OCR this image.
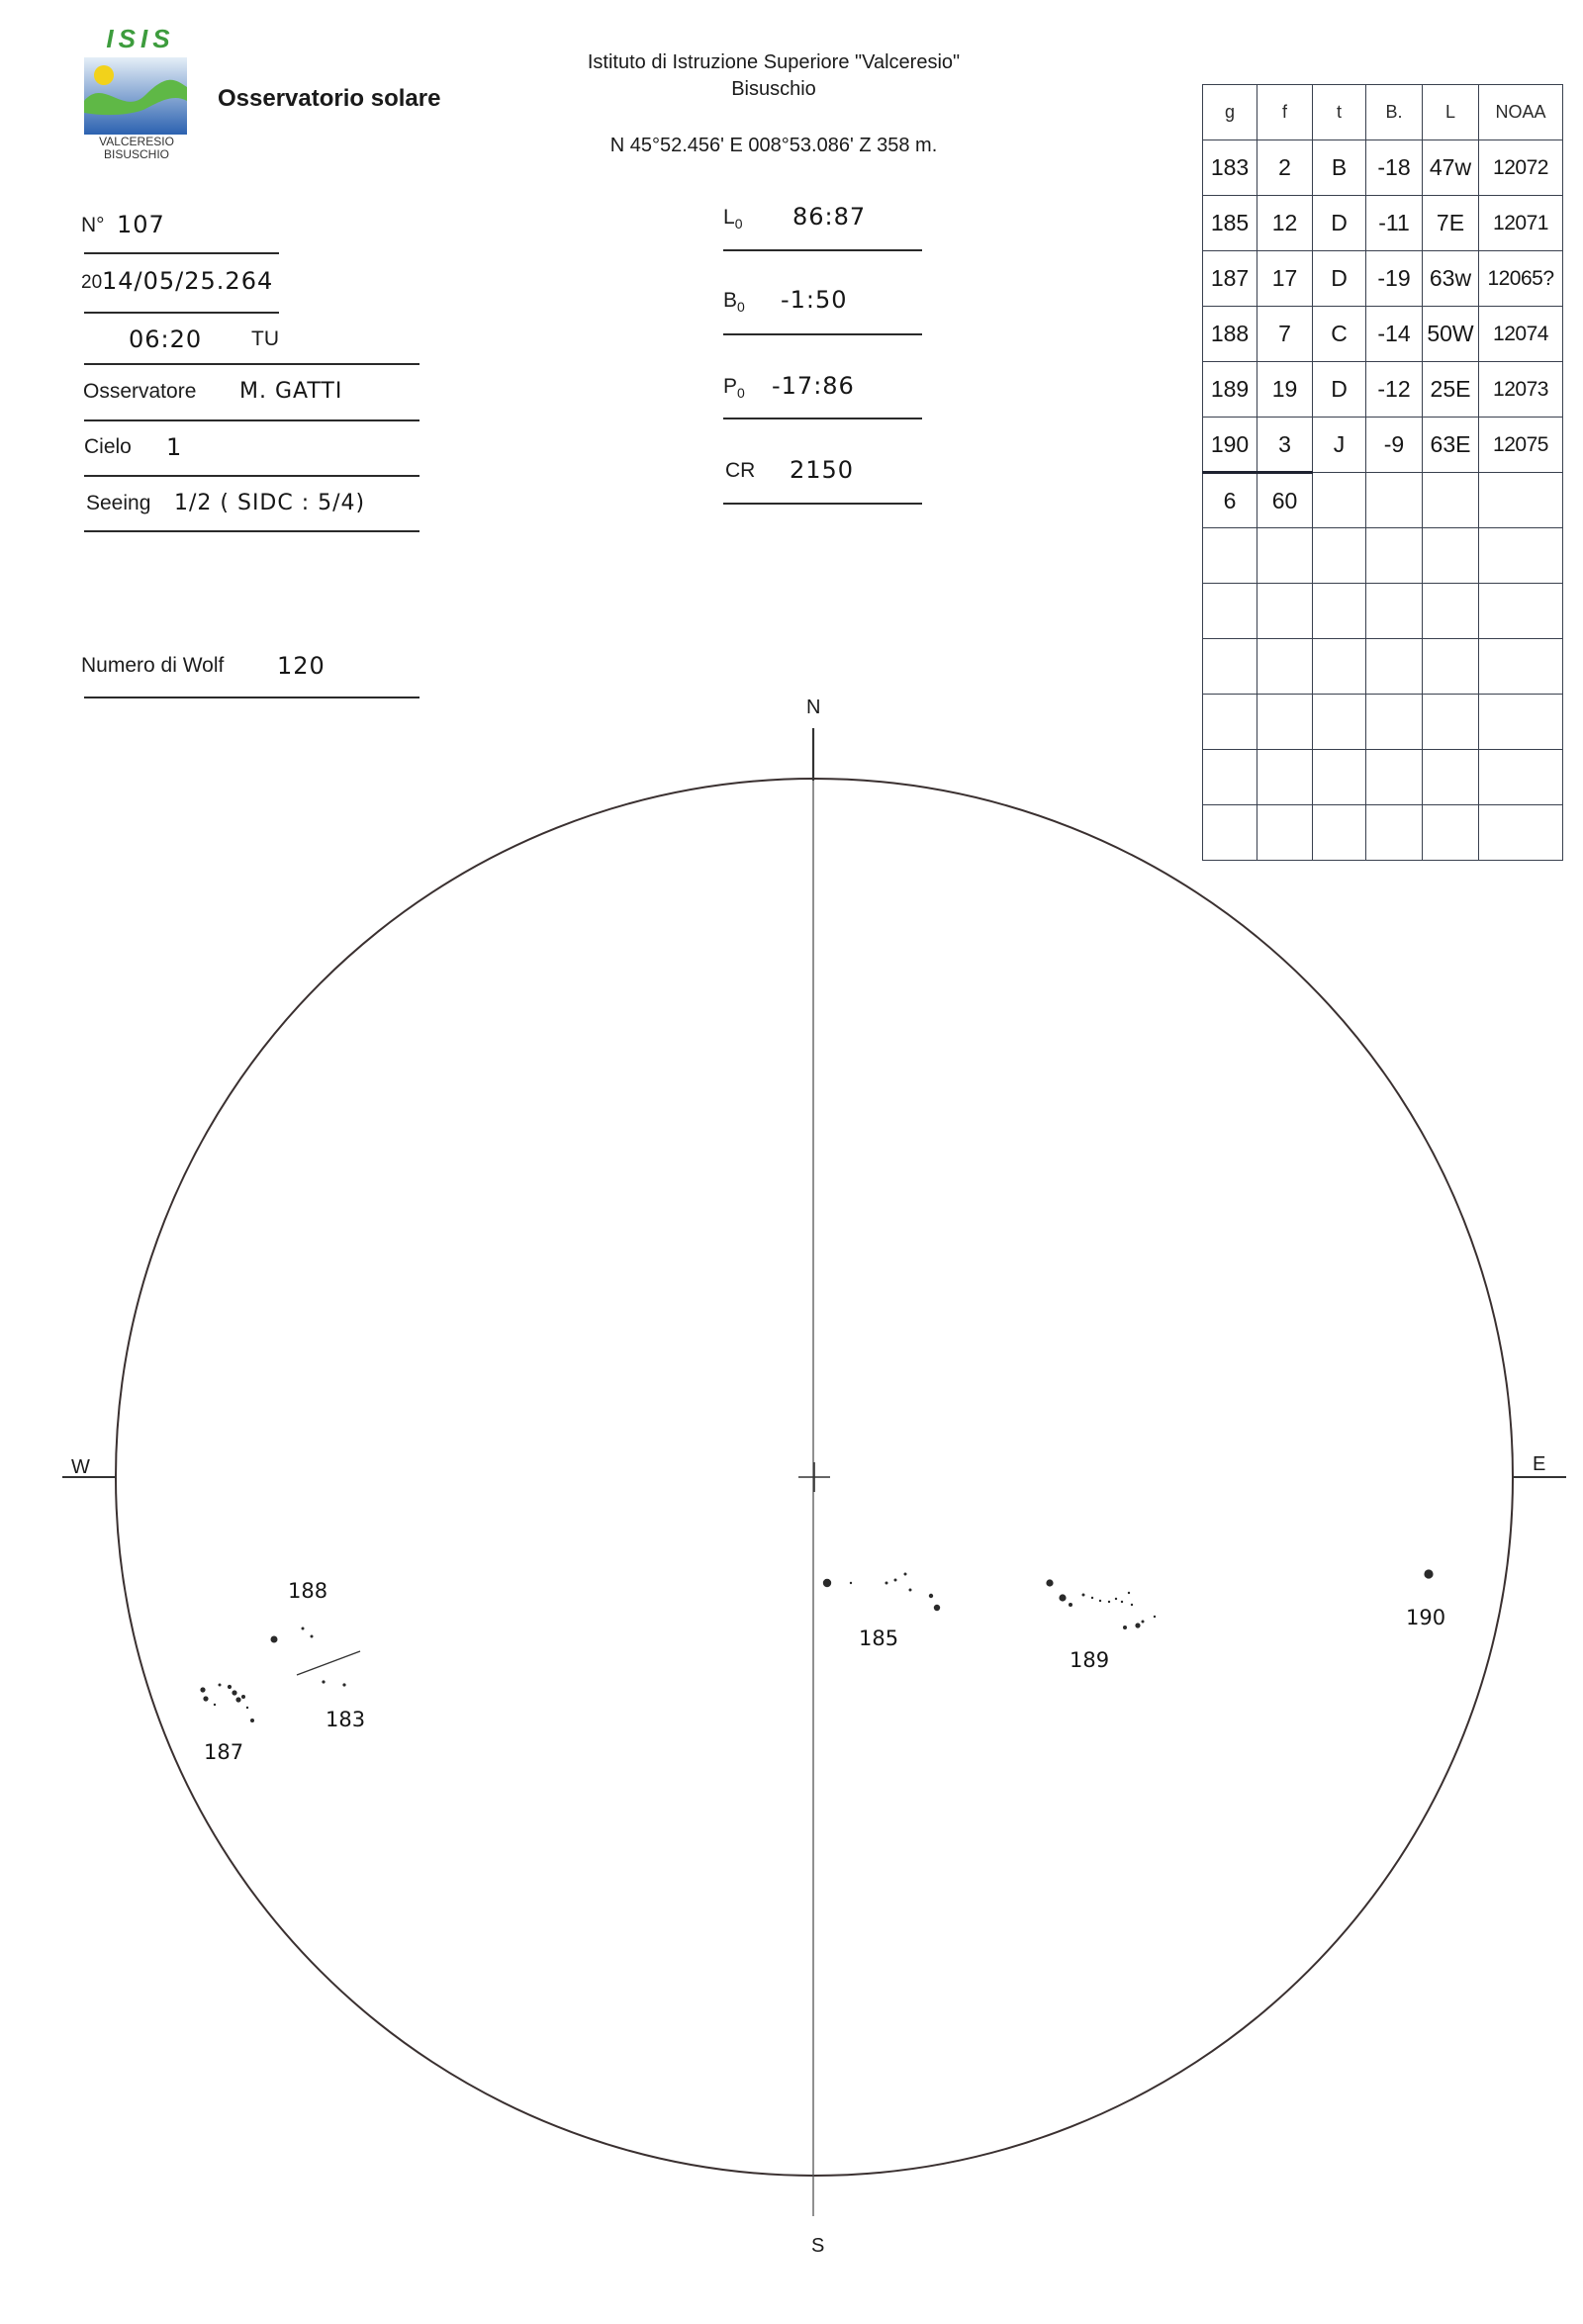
ISIS
VALCERESIO
BISUSCHIO
Osservatorio solare
Istituto di Istruzione Superiore "Valceresio"
Bisuschio
N 45°52.456' E 008°53.086' Z 358 m.
N° 107
20 14/05/25.264
06:20 TU
Osservatore M. GATTI
Cielo 1
Seeing 1/2 ( SIDC : 5/4)
Numero di Wolf 120
$L_0$ 86:87
$B_0$ -1:50
$P_0$ -17:86
CR 2150
g	f	t	B.	L	NOAA
183	2	B	-18	47w	12072
185	12	D	-11	7E	12071
187	17	D	-19	63w	12065?
188	7	C	-14	50W	12074
189	19	D	-12	25E	12073
190	3	J	-9	63E	12075
6	60				

N
S
W	E
188
183
187
185
189
190
